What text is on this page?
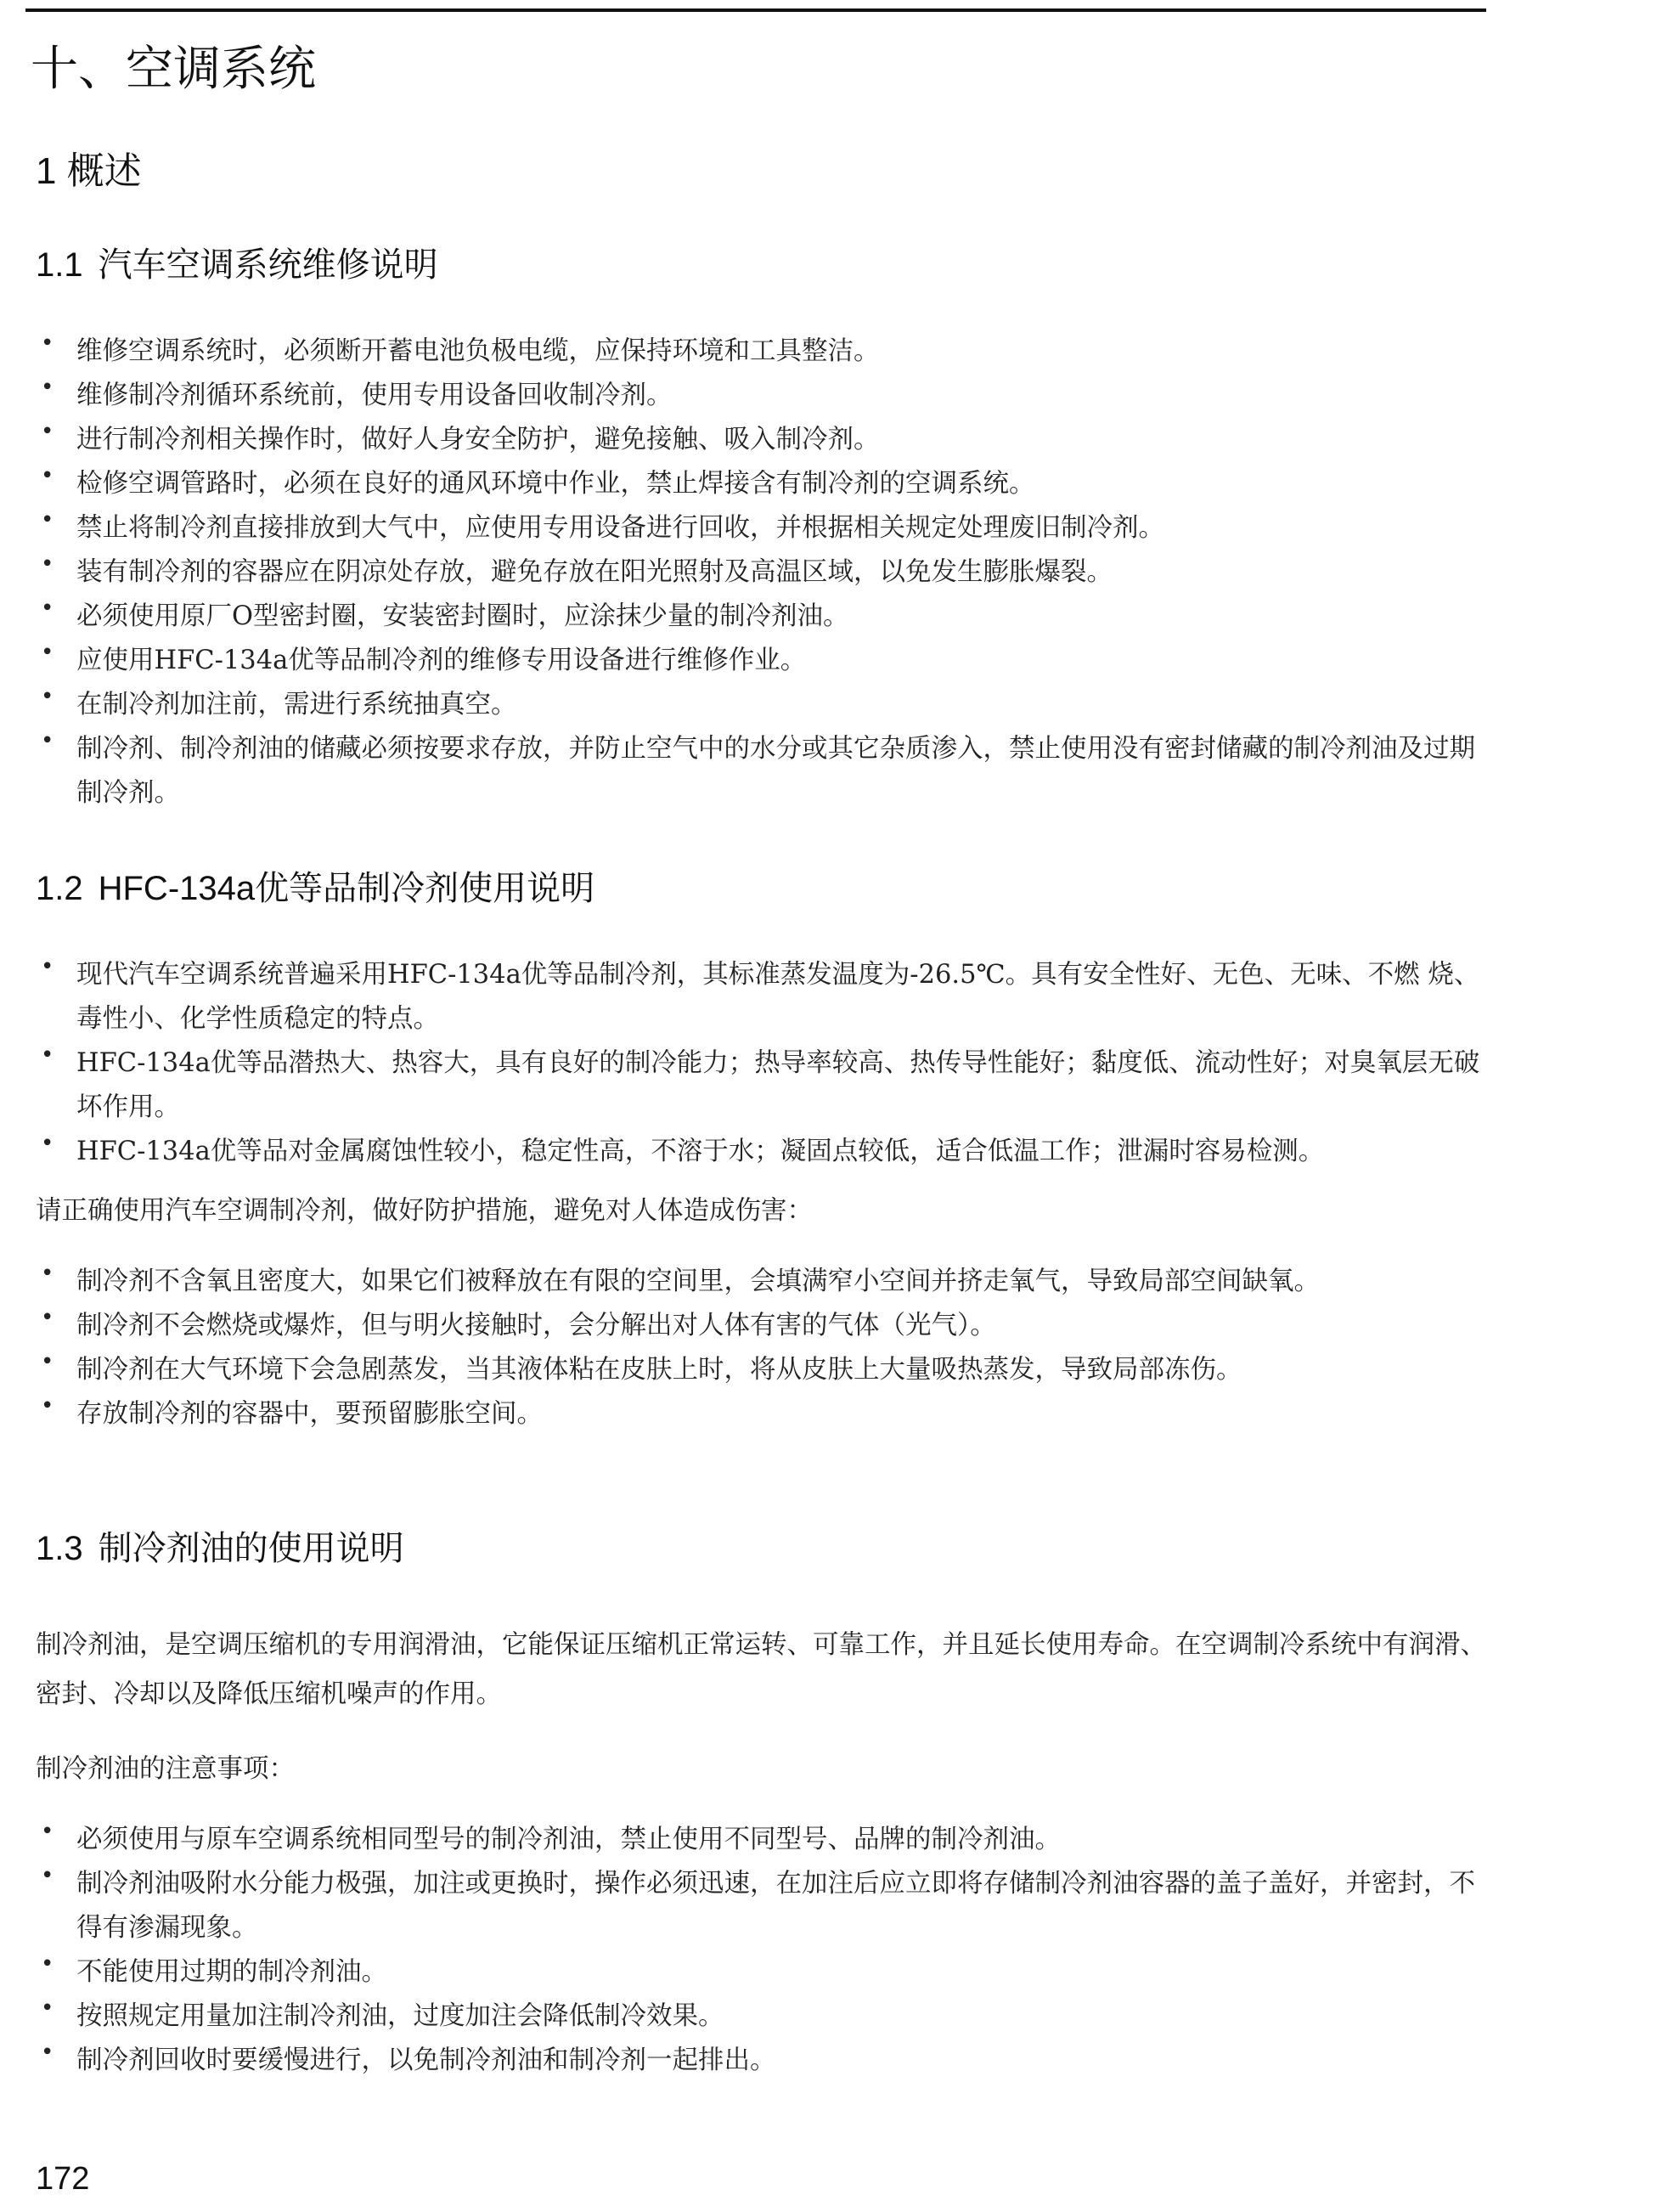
十、空调系统
1 概述
1.1 汽车空调系统维修说明
• 维修空调系统时，必须断开蓄电池负极电缆，应保持环境和工具整洁。
• 维修制冷剂循环系统前，使用专用设备回收制冷剂。
• 进行制冷剂相关操作时，做好人身安全防护，避免接触、吸入制冷剂。
• 检修空调管路时，必须在良好的通风环境中作业，禁止焊接含有制冷剂的空调系统。
• 禁止将制冷剂直接排放到大气中，应使用专用设备进行回收，并根据相关规定处理废旧制冷剂。
• 装有制冷剂的容器应在阴凉处存放，避免存放在阳光照射及高温区域，以免发生膨胀爆裂。
• 必须使用原厂O型密封圈，安装密封圈时，应涂抹少量的制冷剂油。
• 应使用HFC-134a优等品制冷剂的维修专用设备进行维修作业。
• 在制冷剂加注前，需进行系统抽真空。
• 制冷剂、制冷剂油的储藏必须按要求存放，并防止空气中的水分或其它杂质渗入，禁止使用没有密封储藏的制冷剂油及过期制冷剂。
1.2 HFC-134a优等品制冷剂使用说明
• 现代汽车空调系统普遍采用HFC-134a优等品制冷剂，其标准蒸发温度为-26.5℃。具有安全性好、无色、无味、不燃 烧、毒性小、化学性质稳定的特点。
• HFC-134a优等品潜热大、热容大，具有良好的制冷能力；热导率较高、热传导性能好；黏度低、流动性好；对臭氧层无破坏作用。
• HFC-134a优等品对金属腐蚀性较小，稳定性高，不溶于水；凝固点较低，适合低温工作；泄漏时容易检测。

请正确使用汽车空调制冷剂，做好防护措施，避免对人体造成伤害：

• 制冷剂不含氧且密度大，如果它们被释放在有限的空间里，会填满窄小空间并挤走氧气，导致局部空间缺氧。
• 制冷剂不会燃烧或爆炸，但与明火接触时，会分解出对人体有害的气体（光气）。
• 制冷剂在大气环境下会急剧蒸发，当其液体粘在皮肤上时，将从皮肤上大量吸热蒸发，导致局部冻伤。
• 存放制冷剂的容器中，要预留膨胀空间。
1.3 制冷剂油的使用说明

制冷剂油，是空调压缩机的专用润滑油，它能保证压缩机正常运转、可靠工作，并且延长使用寿命。在空调制冷系统中有润滑、密封、冷却以及降低压缩机噪声的作用。

制冷剂油的注意事项：

• 必须使用与原车空调系统相同型号的制冷剂油，禁止使用不同型号、品牌的制冷剂油。
• 制冷剂油吸附水分能力极强，加注或更换时，操作必须迅速，在加注后应立即将存储制冷剂油容器的盖子盖好，并密封，不得有渗漏现象。
• 不能使用过期的制冷剂油。
• 按照规定用量加注制冷剂油，过度加注会降低制冷效果。
• 制冷剂回收时要缓慢进行，以免制冷剂油和制冷剂一起排出。
172
